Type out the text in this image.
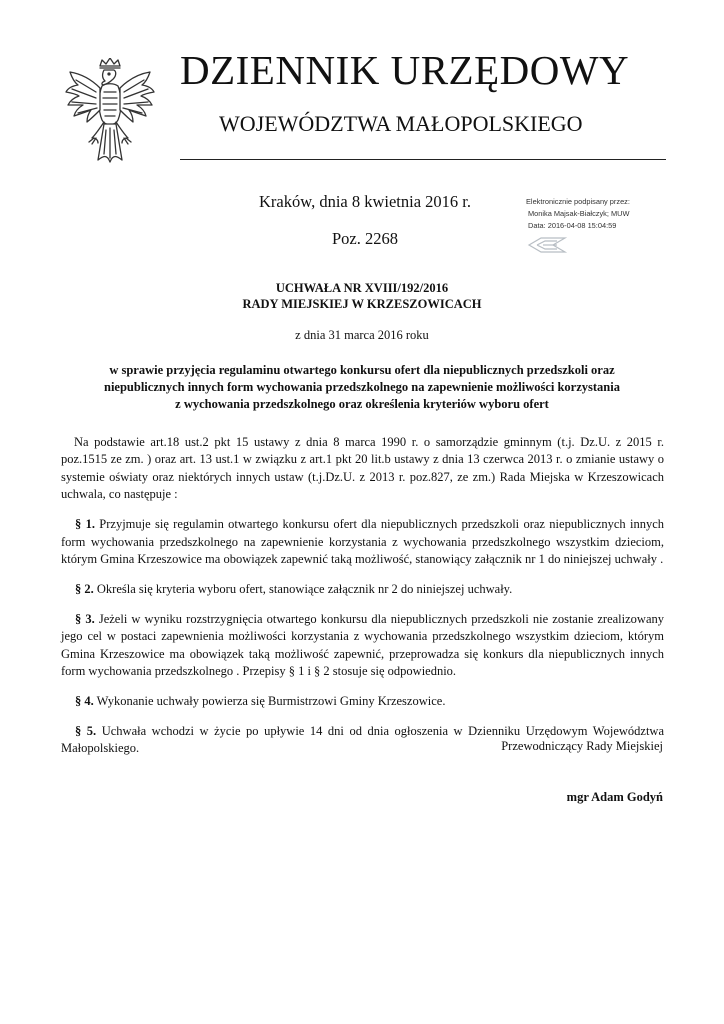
DZIENNIK URZĘDOWY
WOJEWÓDZTWA MAŁOPOLSKIEGO
Kraków, dnia 8 kwietnia 2016 r.
Poz. 2268
Elektronicznie podpisany przez:
Monika Majsak-Białczyk; MUW
Data: 2016-04-08 15:04:59
UCHWAŁA NR XVIII/192/2016
RADY MIEJSKIEJ W KRZESZOWICACH
z dnia 31 marca 2016 roku
w sprawie przyjęcia regulaminu otwartego konkursu ofert dla niepublicznych przedszkoli oraz
niepublicznych innych form wychowania przedszkolnego na zapewnienie możliwości korzystania
z wychowania przedszkolnego oraz określenia kryteriów wyboru ofert

Na podstawie art.18 ust.2 pkt 15 ustawy z dnia 8 marca 1990 r. o samorządzie gminnym (t.j. Dz.U. z 2015 r. poz.1515 ze zm. ) oraz art. 13 ust.1 w związku z art.1 pkt 20 lit.b ustawy z dnia 13 czerwca 2013 r. o zmianie ustawy o systemie oświaty oraz niektórych innych ustaw (t.j.Dz.U. z 2013 r. poz.827, ze zm.) Rada Miejska w Krzeszowicach uchwala, co następuje :

§ 1. Przyjmuje się regulamin otwartego konkursu ofert dla niepublicznych przedszkoli oraz niepublicznych innych form wychowania przedszkolnego na zapewnienie korzystania z wychowania przedszkolnego wszystkim dzieciom, którym Gmina Krzeszowice ma obowiązek zapewnić taką możliwość, stanowiący załącznik nr 1 do niniejszej uchwały .

§ 2. Określa się kryteria wyboru ofert, stanowiące załącznik nr 2 do niniejszej uchwały.

§ 3. Jeżeli w wyniku rozstrzygnięcia otwartego konkursu dla niepublicznych przedszkoli nie zostanie zrealizowany jego cel w postaci zapewnienia możliwości korzystania z wychowania przedszkolnego wszystkim dzieciom, którym Gmina Krzeszowice ma obowiązek taką możliwość zapewnić, przeprowadza się konkurs dla niepublicznych innych form wychowania przedszkolnego . Przepisy § 1 i § 2 stosuje się odpowiednio.

§ 4. Wykonanie uchwały powierza się Burmistrzowi Gminy Krzeszowice.

§ 5. Uchwała wchodzi w życie po upływie 14 dni od dnia ogłoszenia w Dzienniku Urzędowym Województwa Małopolskiego.	Przewodniczący Rady Miejskiej
mgr Adam Godyń
